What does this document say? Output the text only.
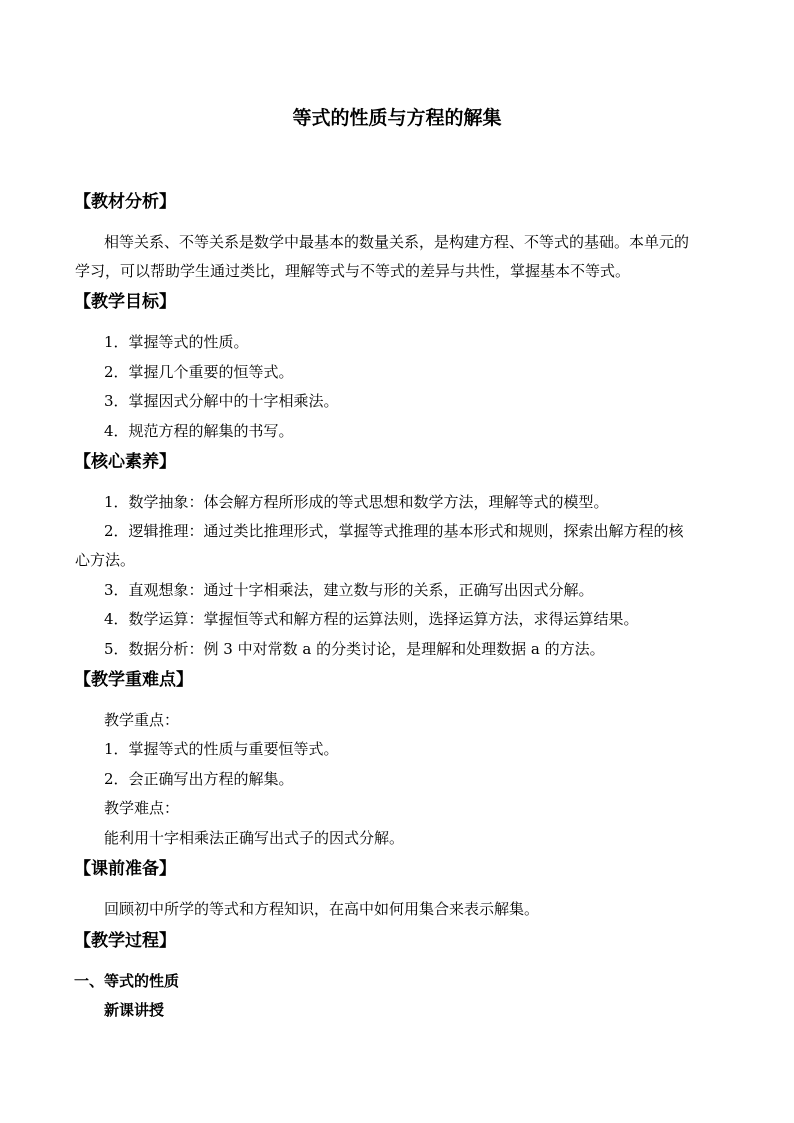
等式的性质与方程的解集
【教材分析】
相等关系、不等关系是数学中最基本的数量关系，是构建方程、不等式的基础。本单元的
学习，可以帮助学生通过类比，理解等式与不等式的差异与共性，掌握基本不等式。
【教学目标】
1．掌握等式的性质。
2．掌握几个重要的恒等式。
3．掌握因式分解中的十字相乘法。
4．规范方程的解集的书写。
【核心素养】
1．数学抽象：体会解方程所形成的等式思想和数学方法，理解等式的模型。
2．逻辑推理：通过类比推理形式，掌握等式推理的基本形式和规则，探索出解方程的核
心方法。
3．直观想象：通过十字相乘法，建立数与形的关系，正确写出因式分解。
4．数学运算：掌握恒等式和解方程的运算法则，选择运算方法，求得运算结果。
5．数据分析：例 3 中对常数 a 的分类讨论，是理解和处理数据 a 的方法。
【教学重难点】
教学重点：
1．掌握等式的性质与重要恒等式。
2．会正确写出方程的解集。
教学难点：
能利用十字相乘法正确写出式子的因式分解。
【课前准备】
回顾初中所学的等式和方程知识，在高中如何用集合来表示解集。
【教学过程】
一、等式的性质
新课讲授
